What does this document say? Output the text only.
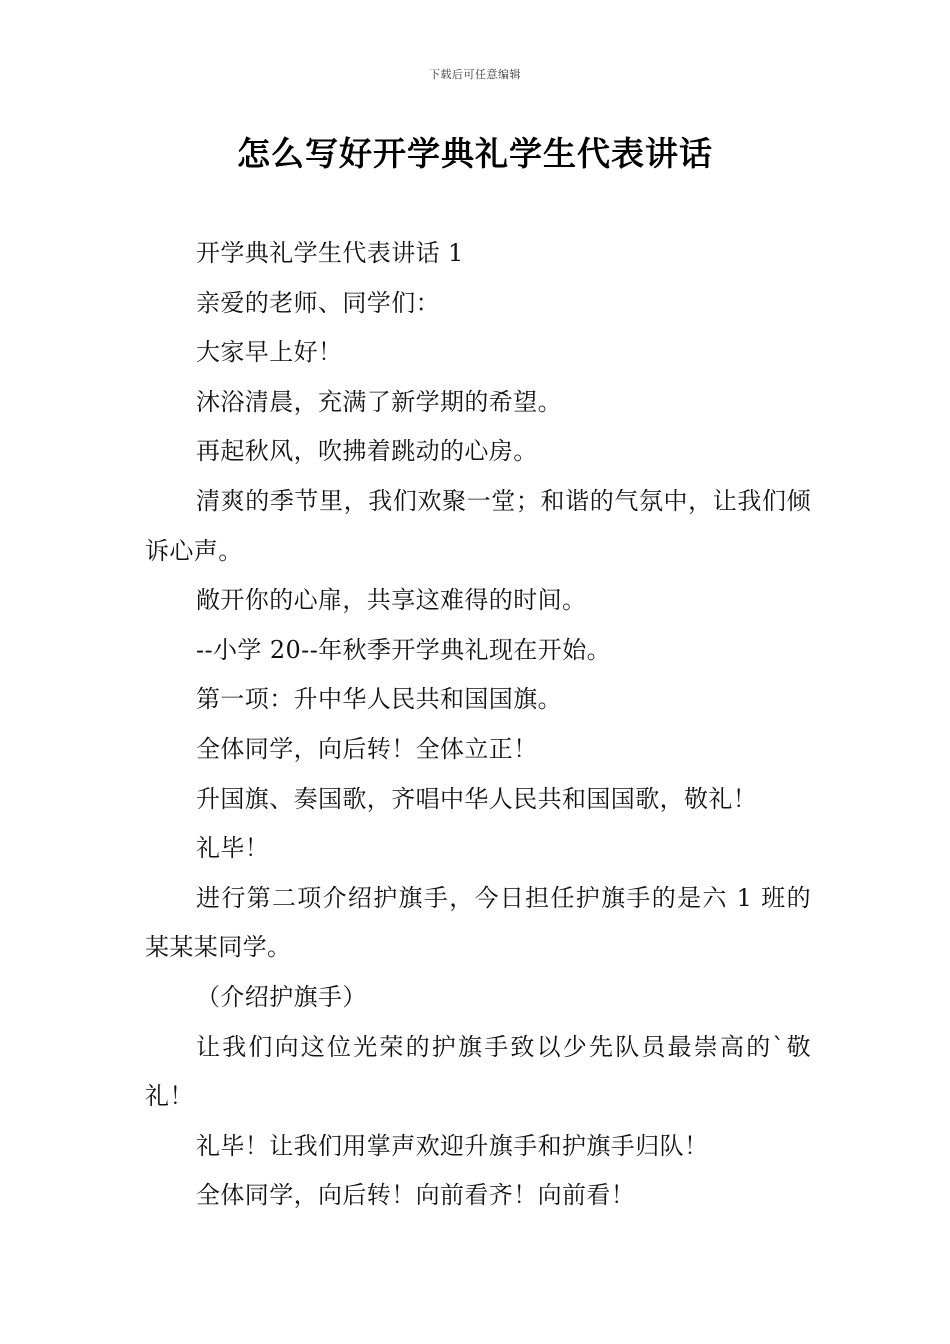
下载后可任意编辑
怎么写好开学典礼学生代表讲话

开学典礼学生代表讲话 1

亲爱的老师、同学们：

大家早上好！

沐浴清晨，充满了新学期的希望。

再起秋风，吹拂着跳动的心房。

清爽的季节里，我们欢聚一堂；和谐的气氛中，让我们倾诉心声。

敞开你的心扉，共享这难得的时间。

--小学 20--年秋季开学典礼现在开始。

第一项：升中华人民共和国国旗。

全体同学，向后转！全体立正！

升国旗、奏国歌，齐唱中华人民共和国国歌，敬礼！

礼毕！

进行第二项介绍护旗手，今日担任护旗手的是六 1 班的某某某同学。

（介绍护旗手）

让我们向这位光荣的护旗手致以少先队员最崇高的`敬礼！

礼毕！让我们用掌声欢迎升旗手和护旗手归队！

全体同学，向后转！向前看齐！向前看！
